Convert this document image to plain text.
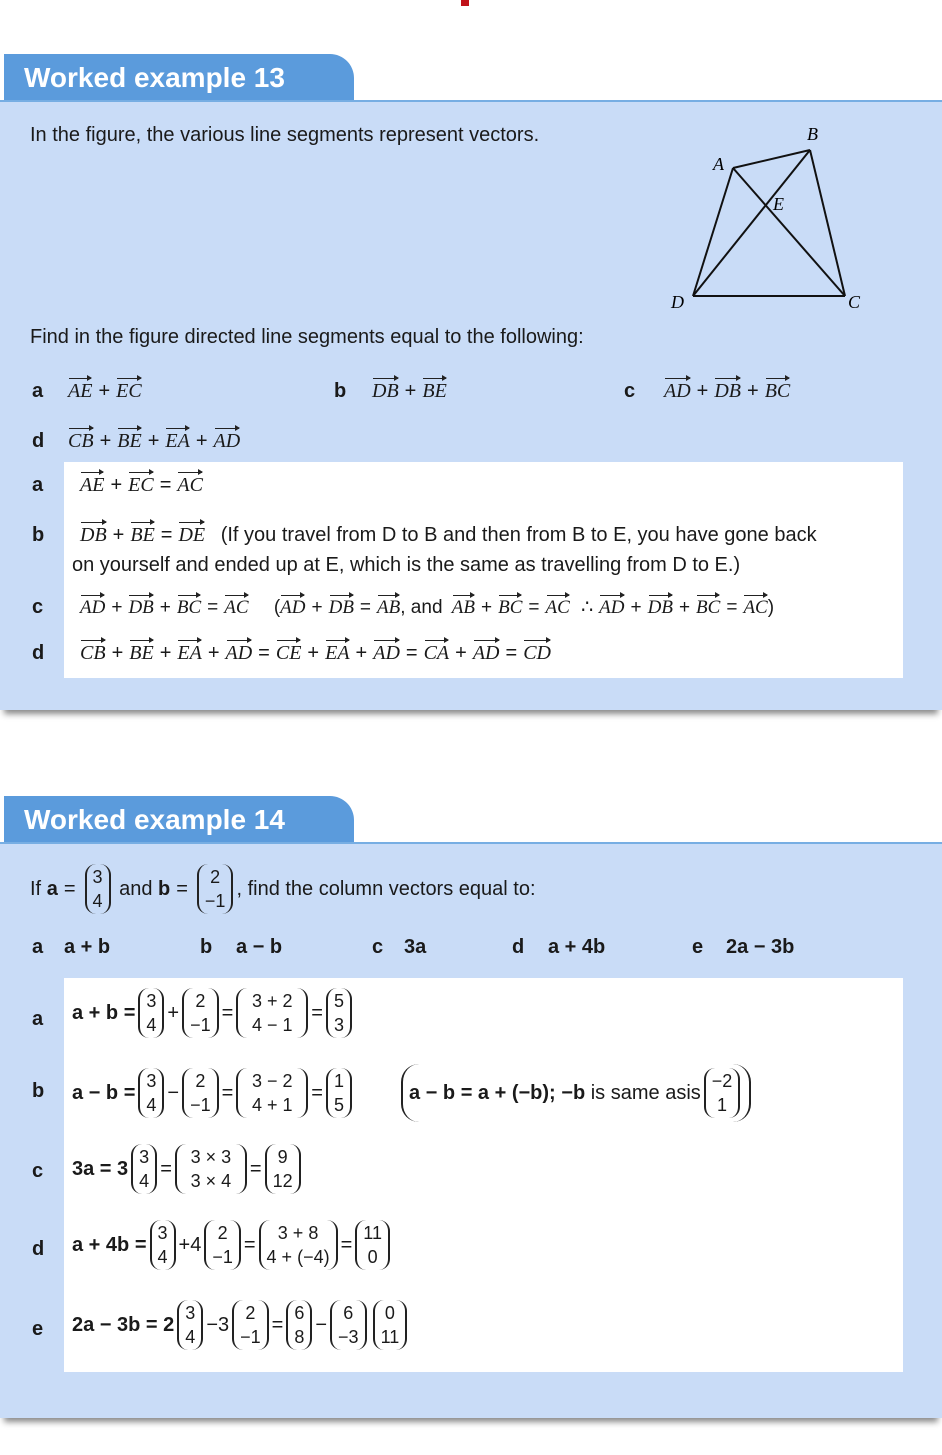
Worked example 13
In the figure, the various line segments represent vectors.
A
B
C
D
E
Find in the figure directed line segments equal to the following:
a AE + EC	b DB + BE	c AD + DB + BC
d CB + BE + EA + AD
a AE + EC = AC
DB + BE = DE (If you travel from D to B and then from B to E, you have gone back
on yourself and ended up at E, which is the same as travelling from D to E.)
AD + DB + BC = AC (AD + DB = AB, and AB + BC = AC ∴ AD + DB + BC = AC)
CB + BE + EA + AD = CE + EA + AD = CA + AD = CD
b
c
d
Worked example 14
If
a =
3
4

and
b =
2
−1
, find the column vectors equal to:
a a + b	b a − b	c 3a	d a + 4b	e 2a − 3b
a + b =
3
4
+
2
−1
=
3 + 2
4 − 1
=
5
3
a − b =
3
4
−
2
−1
=
3 − 2
4 + 1
=
1
5
a − b = a + (−b); −b
is same asis
−2
1
3a = 3
3
4
=
3 × 3
3 × 4
=
9
12
a + 4b =
3
4
+ 4
2
−1
=
3 + 8
4 + (−4)
=
11
0
2a − 3b = 2
3
4
− 3
2
−1
=
6
8
−
6
−3
0
11
a
b
c
d
e
